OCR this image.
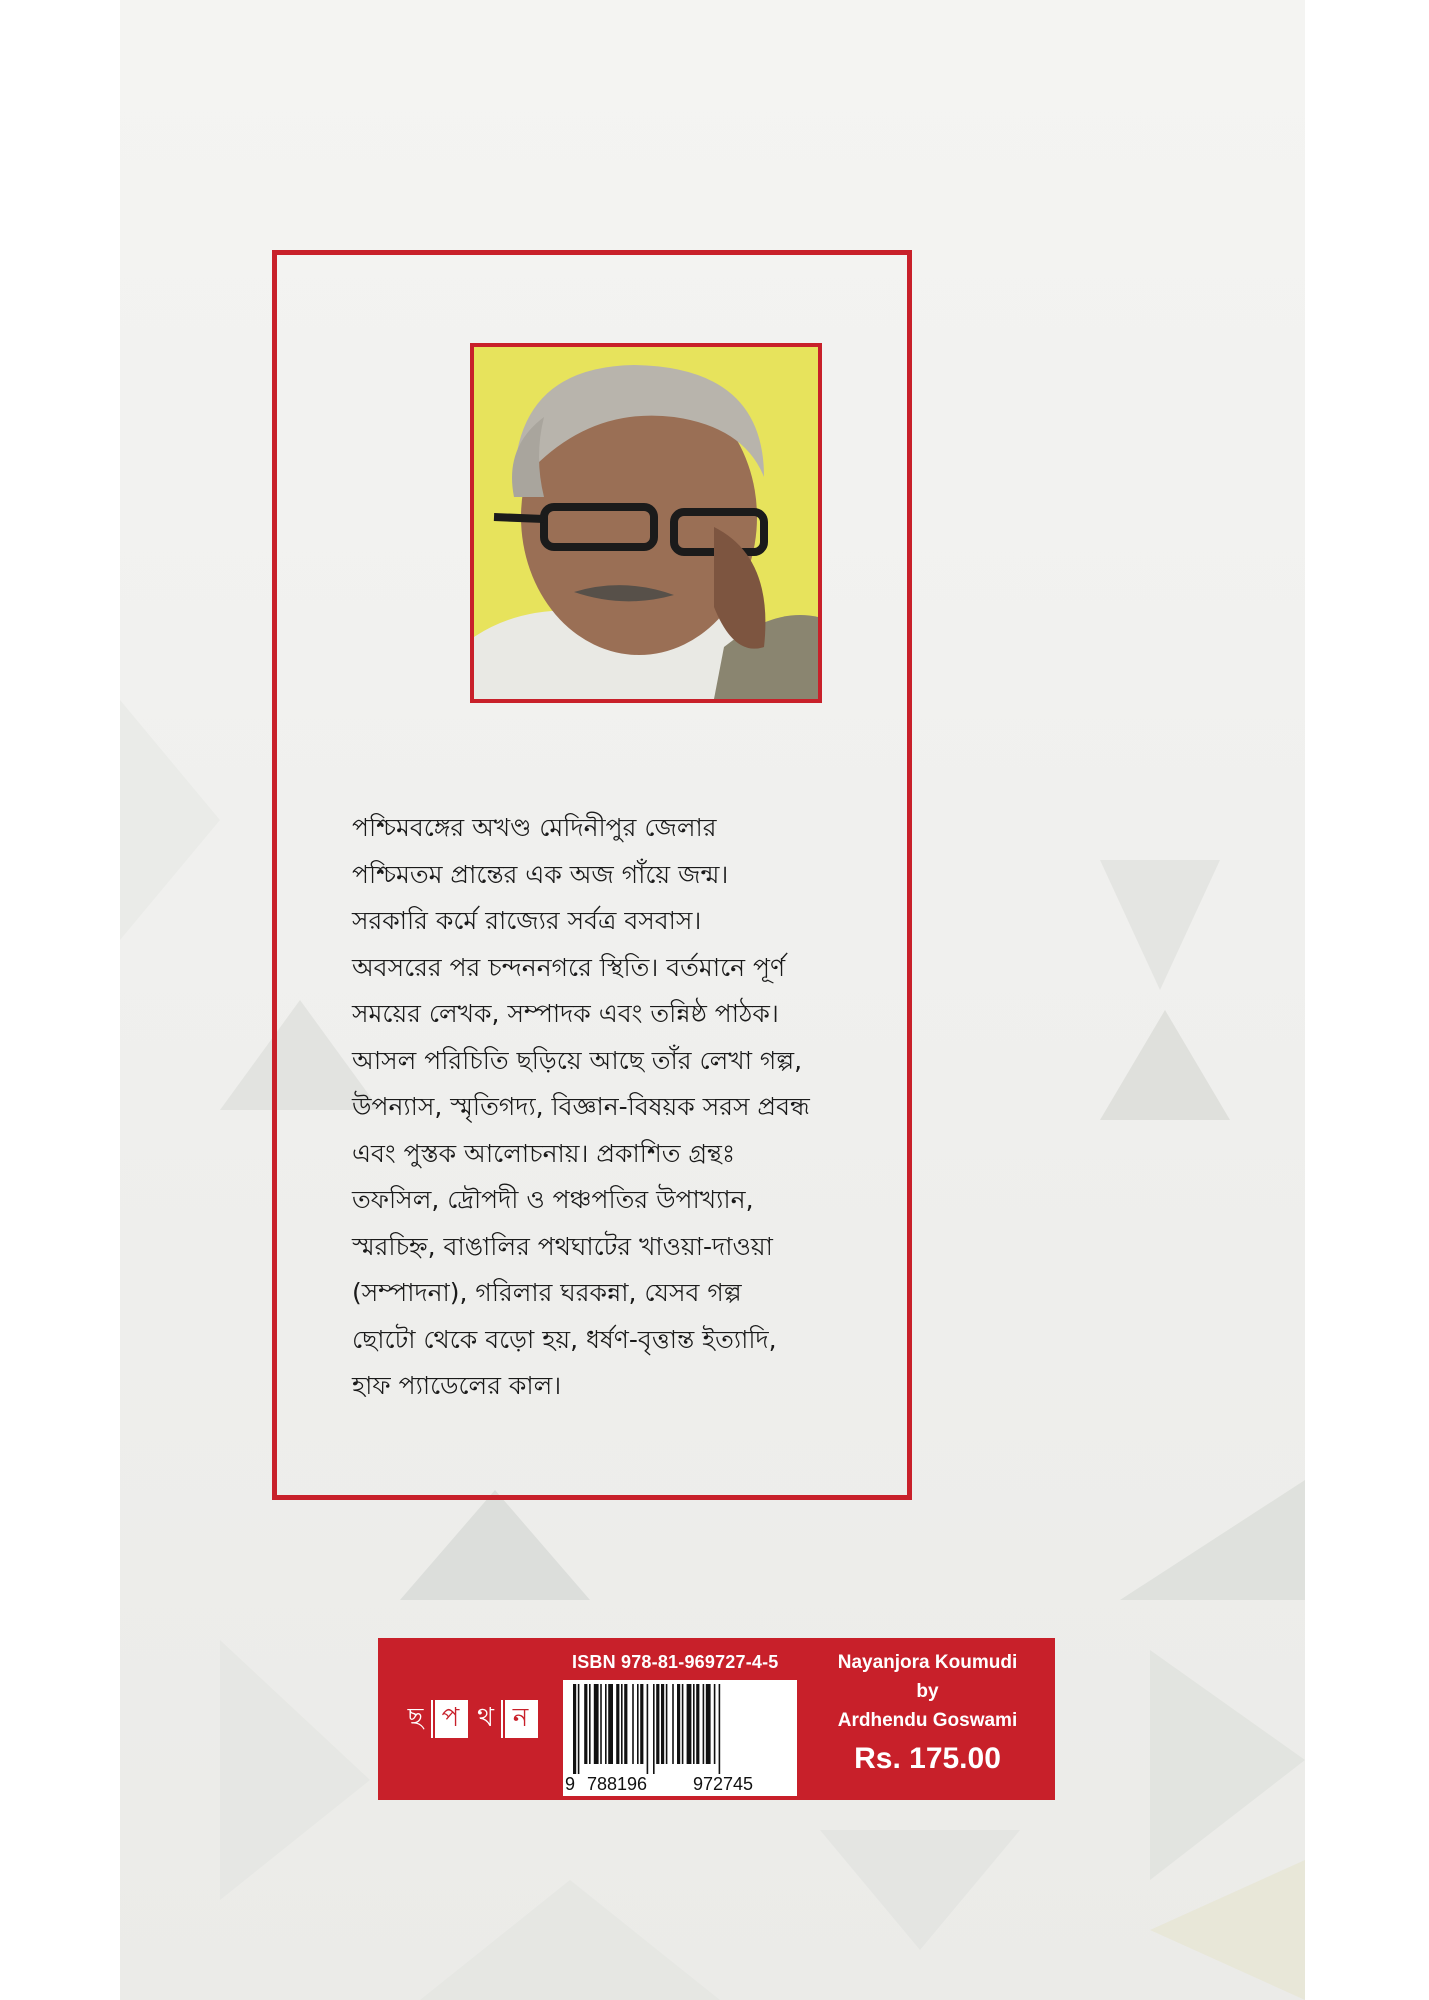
পশ্চিমবঙ্গের অখণ্ড মেদিনীপুর জেলার
পশ্চিমতম প্রান্তের এক অজ গাঁয়ে জন্ম।
সরকারি কর্মে রাজ্যের সর্বত্র বসবাস।
অবসরের পর চন্দননগরে স্থিতি। বর্তমানে পূর্ণ
সময়ের লেখক, সম্পাদক এবং তন্নিষ্ঠ পাঠক।
আসল পরিচিতি ছড়িয়ে আছে তাঁর লেখা গল্প,
উপন্যাস, স্মৃতিগদ্য, বিজ্ঞান-বিষয়ক সরস প্রবন্ধ
এবং পুস্তক আলোচনায়। প্রকাশিত গ্রন্থঃ
তফসিল, দ্রৌপদী ও পঞ্চপতির উপাখ্যান,
স্মরচিহ্ন, বাঙালির পথঘাটের খাওয়া-দাওয়া
(সম্পাদনা), গরিলার ঘরকন্না, যেসব গল্প
ছোটো থেকে বড়ো হয়, ধর্ষণ-বৃত্তান্ত ইত্যাদি,
হাফ প্যাডেলের কাল।
ছ প থ ন
ISBN 978-81-969727-4-5
9 788196	972745
Nayanjora Koumudi
by
Ardhendu Goswami
Rs. 175.00
